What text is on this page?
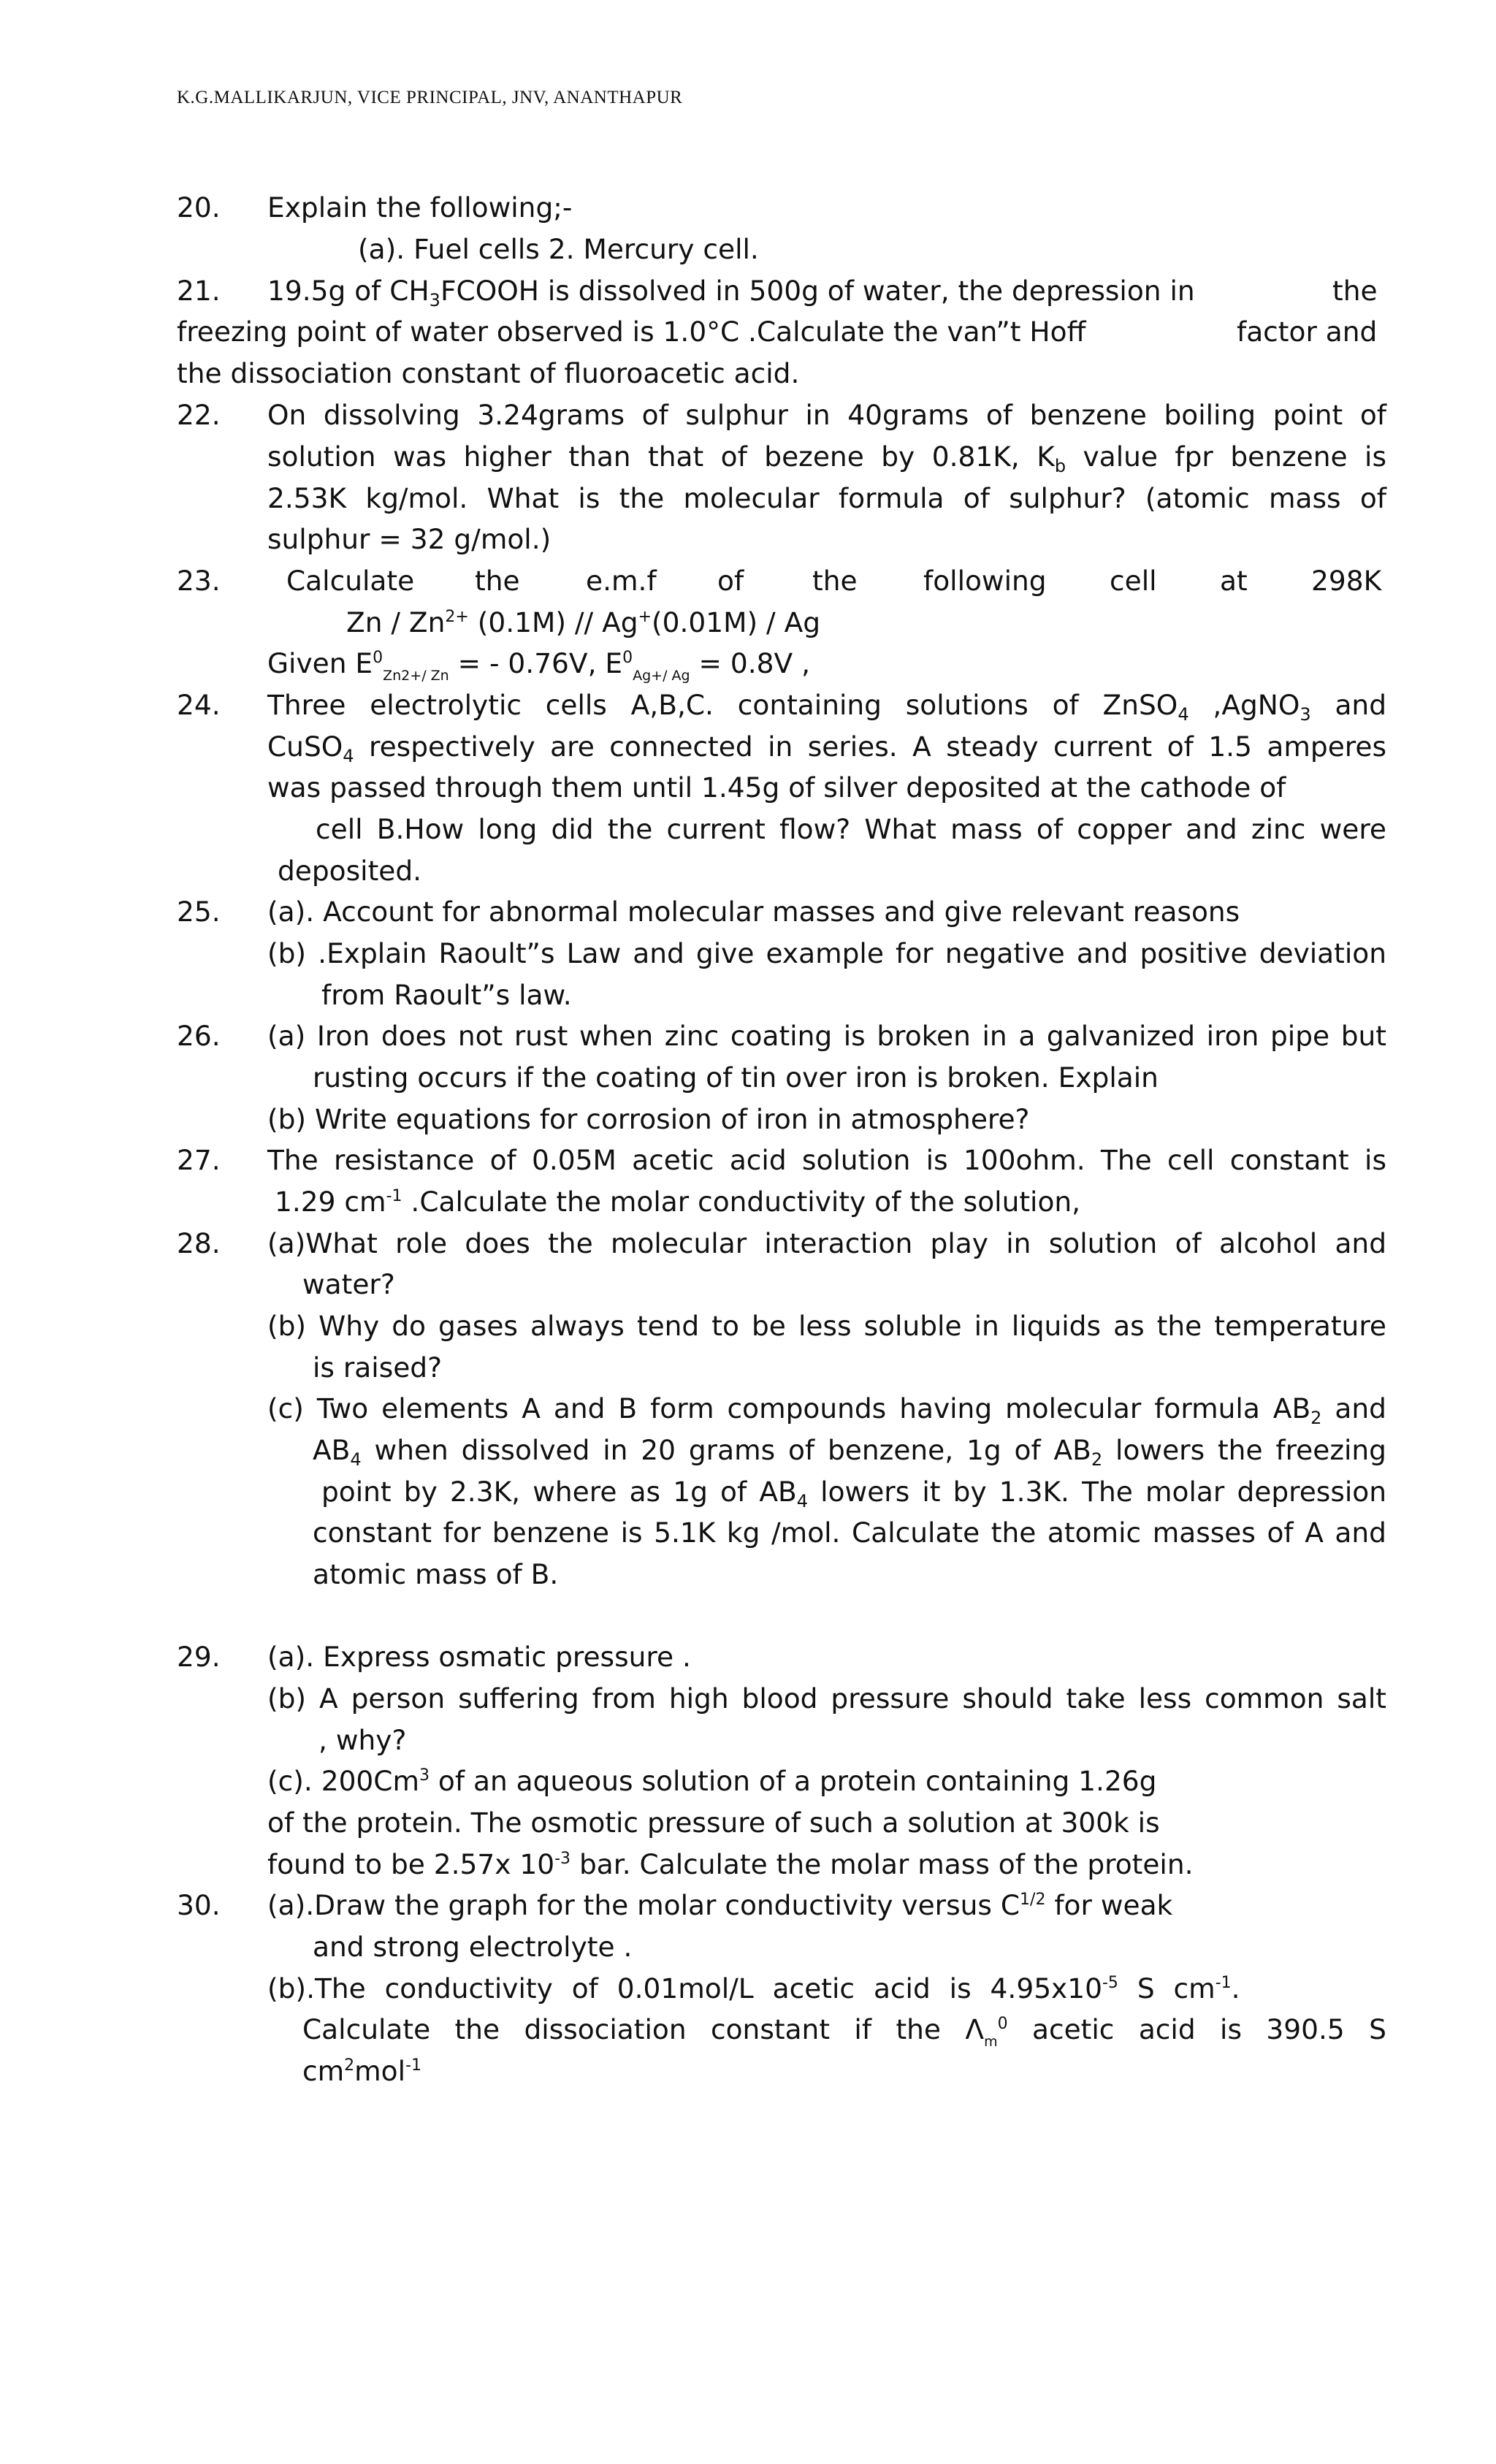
K.G.MALLIKARJUN, VICE PRINCIPAL, JNV, ANANTHAPUR
20. Explain the following;-
(a). Fuel cells 2. Mercury cell.
21. 19.5g of $CH_3FCOOH$ is dissolved in 500g of water, the depression in	the
freezing point of water observed is 1.0°C .Calculate the van”t Hoff	factor and
the dissociation constant of fluoroacetic acid.
22. On dissolving 3.24grams of sulphur in 40grams of benzene boiling point of
solution was higher than that of bezene by 0.81K, $K_b$ value fpr benzene is
2.53K kg/mol. What is the molecular formula of sulphur? (atomic mass of
sulphur = 32 g/mol.)
23. Calculate the e.m.f of	the following cell at 298K
Zn / $Zn^{2+}$ (0.1M) // Ag+(0.01M) / Ag
Given $E^0_{Zn2+/ Zn}$ = - 0.76V, $E^0_{Ag+/ Ag} = 0.8V$ ,
24. Three electrolytic cells A,B,C. containing solutions of ZnSO$_4$ ,AgNO$_3$ and
CuSO$_4$ respectively are connected in series. A steady current of 1.5 amperes
was passed through them until 1.45g of silver deposited at the cathode of
cell B.How long did the current flow? What mass of copper and zinc were
deposited.
25. (a). Account for abnormal molecular masses and give relevant reasons
(b) .Explain Raoult”s Law and give example for negative and positive deviation
from Raoult”s law.
26. (a) Iron does not rust when zinc coating is broken in a galvanized iron pipe but
rusting occurs if the coating of tin over iron is broken. Explain
(b) Write equations for corrosion of iron in atmosphere?
27. The resistance of 0.05M acetic acid solution is 100ohm. The cell constant is
1.29 $cm^{-1}$ .Calculate the molar conductivity of the solution,
28. (a)What role does the molecular interaction play in solution of alcohol and
water?
(b) Why do gases always tend to be less soluble in liquids as the temperature
is raised?
(c) Two elements A and B form compounds having molecular formula $AB_2$ and
$AB_4$ when dissolved in 20 grams of benzene, 1g of $AB_2$ lowers the freezing
point by 2.3K, where as 1g of $AB_4$ lowers it by 1.3K. The molar depression
constant for benzene is 5.1K kg /mol. Calculate the atomic masses of A and
atomic mass of B.
29. (a). Express osmatic pressure .
(b) A person suffering from high blood pressure should take less common salt
, why?
(c). 200Cm$^3$ of an aqueous solution of a protein containing 1.26g
of the protein. The osmotic pressure of such a solution at 300k is
found to be 2.57x $10^{-3}$ bar. Calculate the molar mass of the protein.
30. (a).Draw the graph for the molar conductivity versus $C^{1/2}$ for weak
and strong electrolyte .
(b).The conductivity of 0.01mol/L acetic acid is $4.95x10^{-5}$ S $cm^{-1}$.
Calculate the dissociation constant if the $\Lambda_m^0$ acetic acid is 390.5 S
$cm^2mol^{-1}$
